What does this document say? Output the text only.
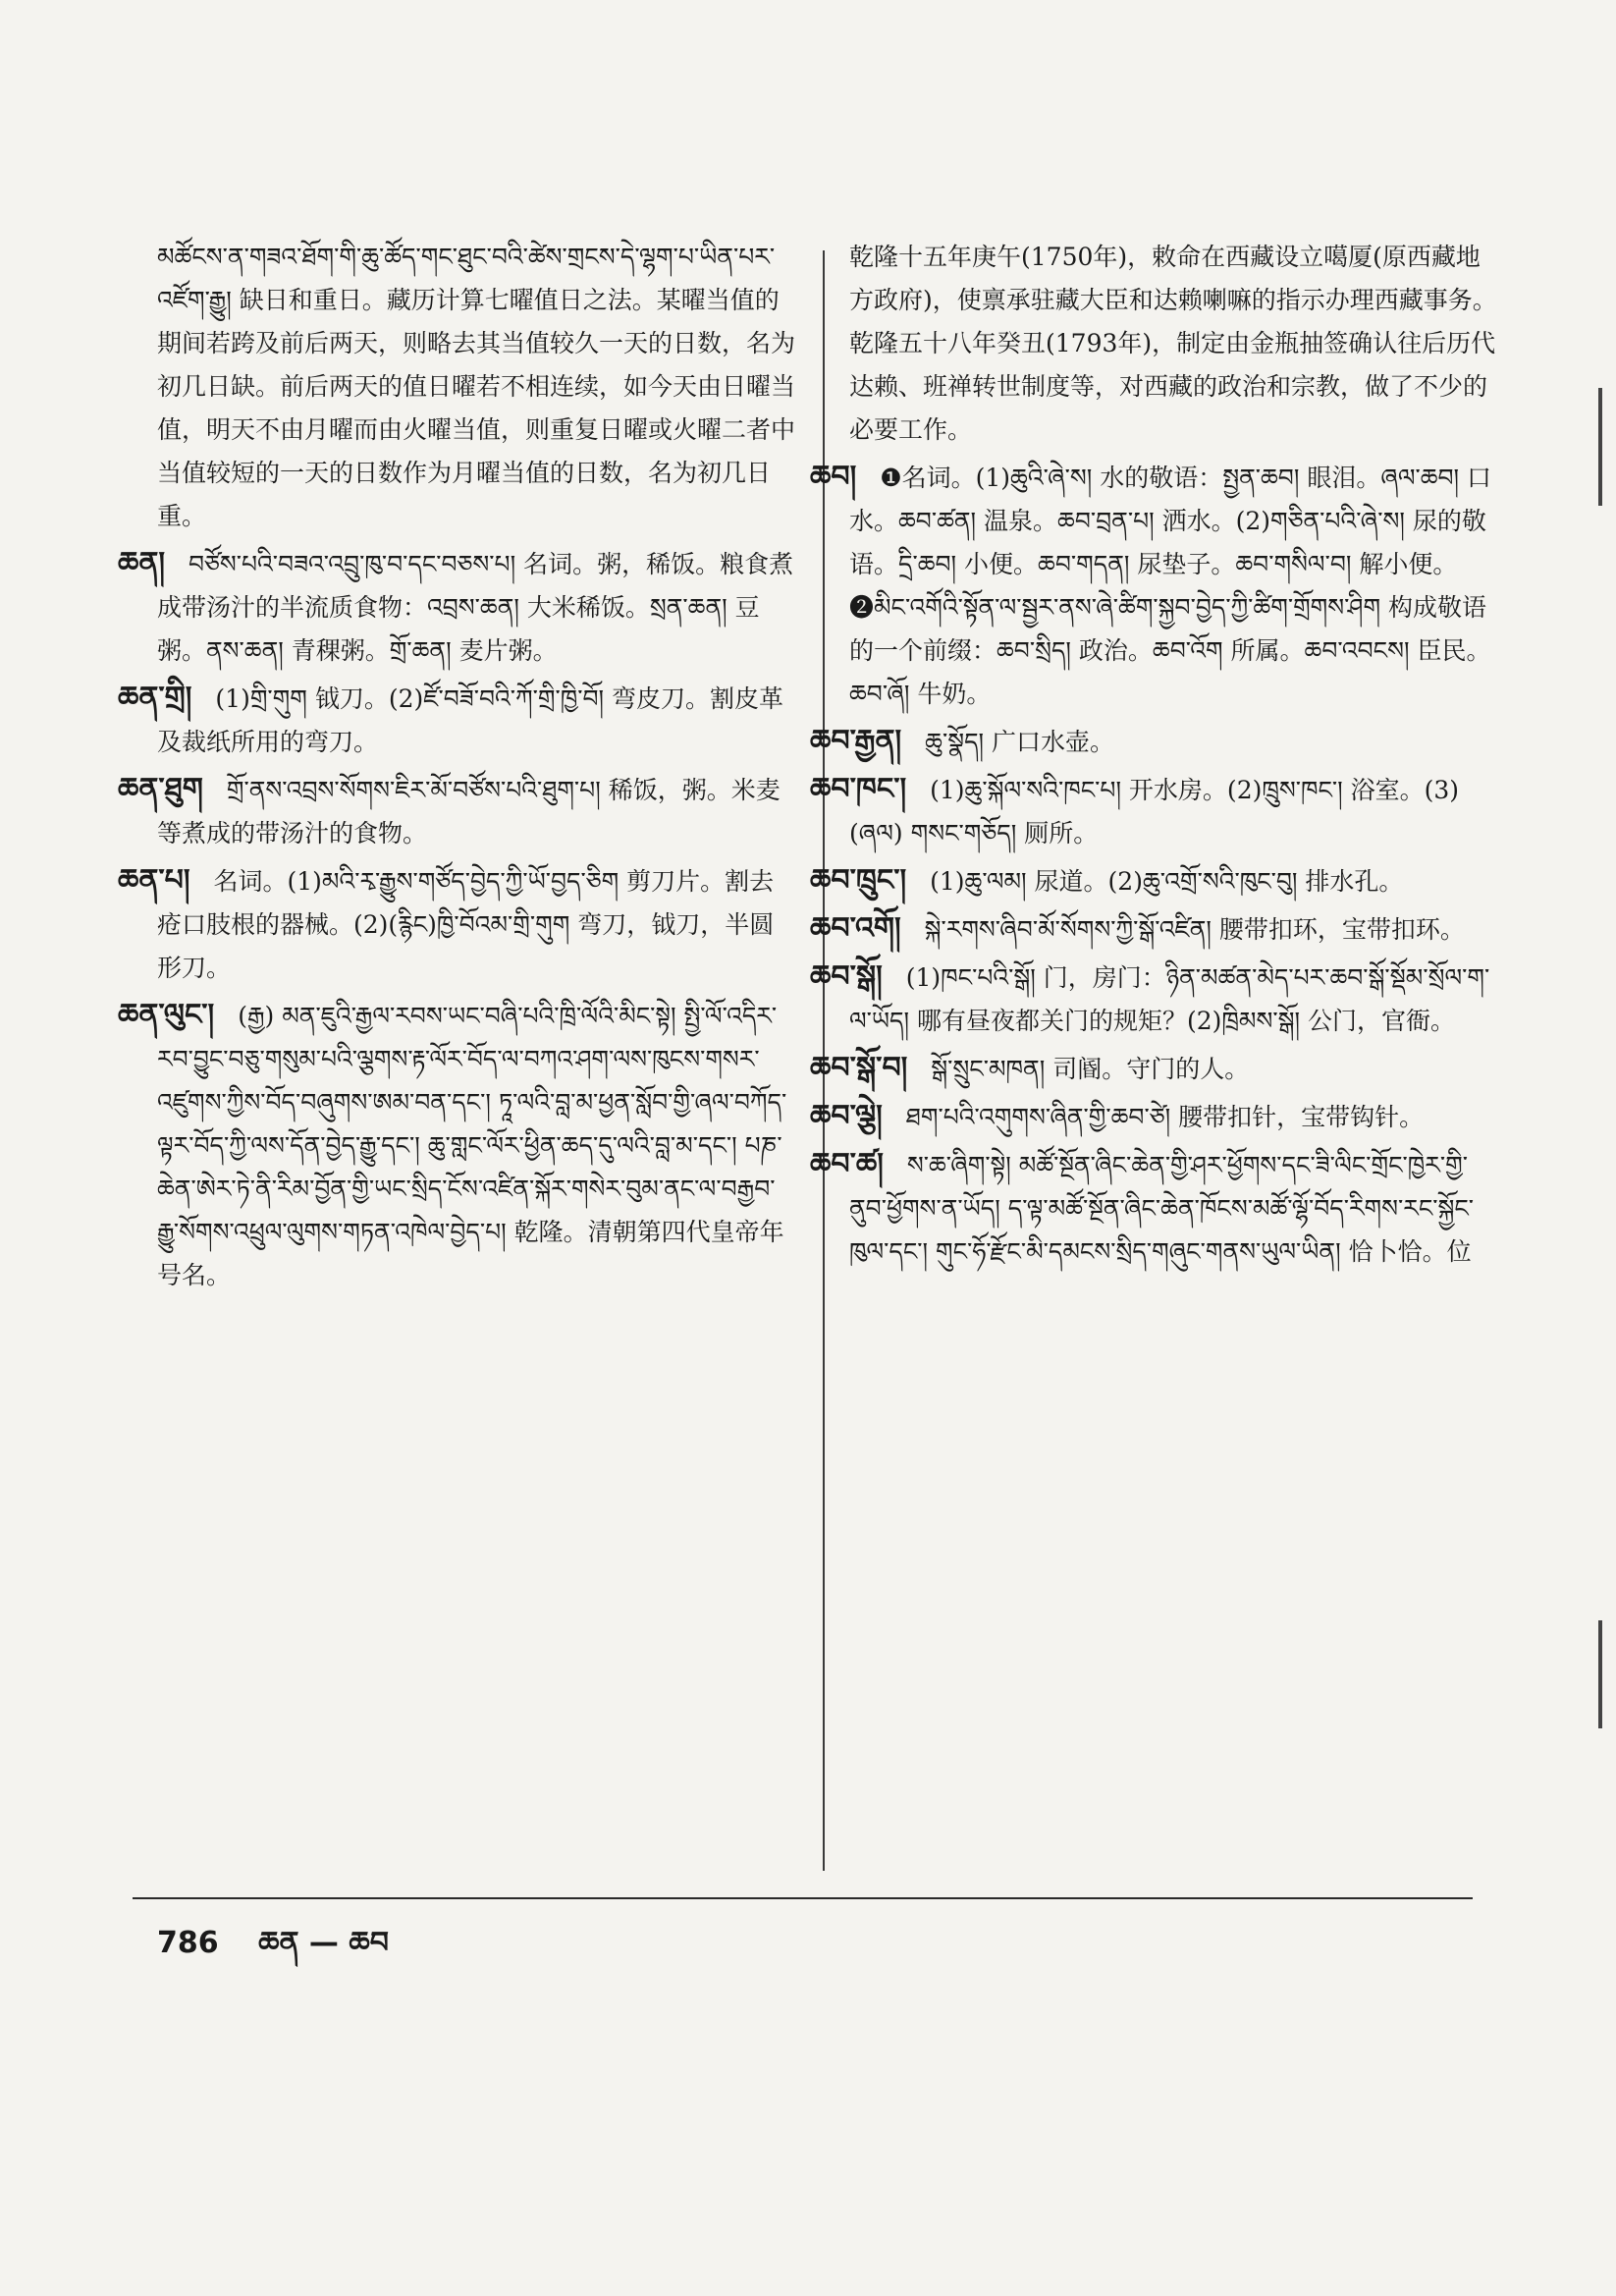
མཚོངས་ན་གཟའ་ཐོག་གི་ཆུ་ཚོད་གང་ཐུང་བའི་ཚེས་གྲངས་དེ་ལྷག་པ་ཡིན་པར་འཛོག་རྒྱུ། 缺日和重日。藏历计算七曜值日之法。某曜当值的期间若跨及前后两天，则略去其当值较久一天的日数，名为初几日缺。前后两天的值日曜若不相连续，如今天由日曜当值，明天不由月曜而由火曜当值，则重复日曜或火曜二者中当值较短的一天的日数作为月曜当值的日数，名为初几日重。
ཆན། བཙོས་པའི་བཟའ་འབྲུ་ཁུ་བ་དང་བཅས་པ། 名词。粥，稀饭。粮食煮成带汤汁的半流质食物：འབྲས་ཆན། 大米稀饭。སྲན་ཆན། 豆粥。ནས་ཆན། 青稞粥。གྲོ་ཆན། 麦片粥。
ཆན་གྲི། (1)གྲི་གུག 钺刀。(2)ཛོ་བཟོ་བའི་ཀོ་གྲི་ཁྱི་བོ། 弯皮刀。割皮革及裁纸所用的弯刀。
ཆན་ཐུག གྲོ་ནས་འབྲས་སོགས་ཇིར་མོ་བཙོས་པའི་ཐུག་པ། 稀饭，粥。米麦等煮成的带汤汁的食物。
ཆན་པ། 名词。(1)མའི་རྭ་རྒྱུས་གཙོད་བྱེད་ཀྱི་ཡོ་བྱད་ཅིག 剪刀片。割去疮口肢根的器械。(2)(རྙིང)ཁྱི་བོའམ་གྲི་གུག 弯刀，钺刀，半圆形刀。
ཆན་ལུང་། (རྒྱ) མན་ཇུའི་རྒྱལ་རབས་ཡང་བཞི་པའི་ཁྲི་ལོའི་མིང་སྟེ། སྤྱི་ལོ་འདིར་རབ་བྱུང་བཅུ་གསུམ་པའི་ལྕགས་རྟ་ལོར་བོད་ལ་བཀའ་ཤག་ལས་ཁུངས་གསར་འཛུགས་ཀྱིས་བོད་བཞུགས་ཨམ་བན་དང་། ཏཱ་ལའི་བླ་མ་ཕྱན་སློབ་གྱི་ཞལ་བཀོད་ལྟར་བོད་ཀྱི་ལས་དོན་བྱེད་རྒྱུ་དང་། ཆུ་གླང་ལོར་ཕྱིན་ཆད་དུ་ལའི་བླ་མ་དང་། པཎ་ཆེན་ཨེར་ཏེ་ནི་རིམ་བྱོན་གྱི་ཡང་སྲིད་ངོས་འཛིན་སྐོར་གསེར་བུམ་ནང་ལ་བརྒྱབ་རྒྱུ་སོགས་འཕྲུལ་ལུགས་གཏན་འཁེལ་བྱེད་པ། 乾隆。清朝第四代皇帝年号名。
乾隆十五年庚午(1750年)，敕命在西藏设立噶厦(原西藏地方政府)，使禀承驻藏大臣和达赖喇嘛的指示办理西藏事务。乾隆五十八年癸丑(1793年)，制定由金瓶抽签确认往后历代达赖、班禅转世制度等，对西藏的政治和宗教，做了不少的必要工作。
ཆབ། ❶名词。(1)ཆུའི་ཞེ་ས། 水的敬语：སྤྱན་ཆབ། 眼泪。ཞལ་ཆབ། 口水。ཆབ་ཚན། 温泉。ཆབ་བྲན་པ། 洒水。(2)གཅིན་པའི་ཞེ་ས། 尿的敬语。དྲི་ཆབ། 小便。ཆབ་གདན། 尿垫子。ཆབ་གསིལ་བ། 解小便。❷མིང་འགོའི་སྟོན་ལ་སྦྱར་ནས་ཞེ་ཚིག་སྐྱབ་བྱེད་ཀྱི་ཚིག་གྲོགས་ཤིག 构成敬语的一个前缀：ཆབ་སྲིད། 政治。ཆབ་འོག 所属。ཆབ་འབངས། 臣民。ཆབ་ཞོ། 牛奶。
ཆབ་རྒྱན། ཆུ་སྣོད། 广口水壶。
ཆབ་ཁང་། (1)ཆུ་སྐོལ་སའི་ཁང་པ། 开水房。(2)ཁྲུས་ཁང་། 浴室。(3)(ཞལ) གསང་གཅོད། 厕所。
ཆབ་ཁྲུང་། (1)ཆུ་ལམ། 尿道。(2)ཆུ་འགྲོ་སའི་ཁུང་བུ། 排水孔。
ཆབ་འགོ། སྐེ་རགས་ཞིབ་མོ་སོགས་ཀྱི་སྒོ་འཛིན། 腰带扣环，宝带扣环。
ཆབ་སྒོ། (1)ཁང་པའི་སྒོ། 门，房门：ཉིན་མཚན་མེད་པར་ཆབ་སྒོ་སྡོམ་སྲོལ་ག་ལ་ཡོད། 哪有昼夜都关门的规矩？(2)ཁྲིམས་སྒོ། 公门，官衙。
ཆབ་སྒོ་བ། སྒོ་སྲུང་མཁན། 司阍。守门的人。
ཆབ་ལྕེ། ཐག་པའི་འགུགས་ཞིན་གྱི་ཆབ་ཙེ། 腰带扣针，宝带钩针。
ཆབ་ཚ། ས་ཆ་ཞིག་སྟེ། མཚོ་སྔོན་ཞིང་ཆེན་གྱི་ཤར་ཕྱོགས་དང་ཟི་ལིང་གྲོང་ཁྱེར་གྱི་ནུབ་ཕྱོགས་ན་ཡོད། ད་ལྟ་མཚོ་སྔོན་ཞིང་ཆེན་ཁོངས་མཚོ་ལྷོ་བོད་རིགས་རང་སྐྱོང་ཁུལ་དང་། གུང་ཧོ་རྫོང་མི་དམངས་སྲིད་གཞུང་གནས་ཡུལ་ཡིན། 恰卜恰。位
786 ཆན — ཆབ
